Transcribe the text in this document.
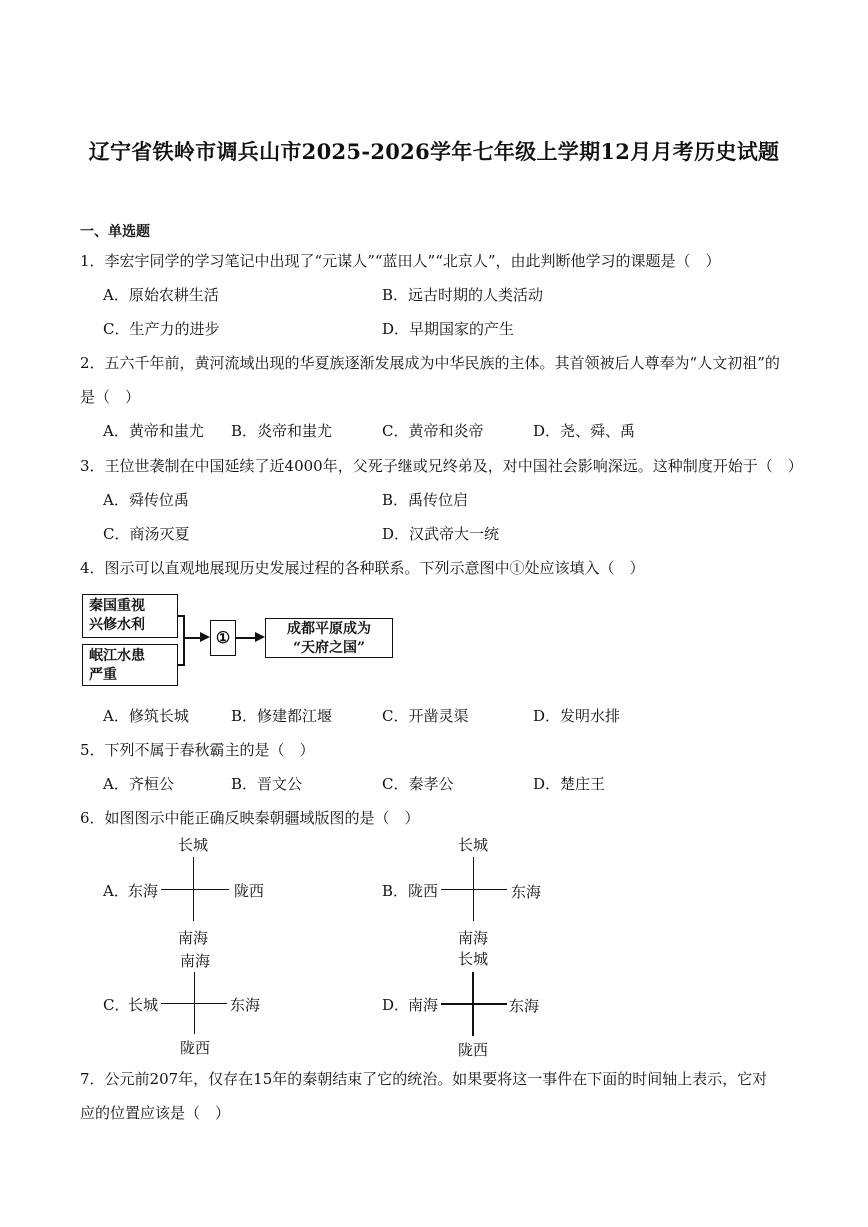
辽宁省铁岭市调兵山市2025-2026学年七年级上学期12月月考历史试题
一、单选题
1．李宏宇同学的学习笔记中出现了“元谋人”“蓝田人”“北京人”，由此判断他学习的课题是（　）
A．原始农耕生活	B．远古时期的人类活动
C．生产力的进步	D．早期国家的产生
2．五六千年前，黄河流域出现的华夏族逐渐发展成为中华民族的主体。其首领被后人尊奉为“人文初祖”的
是（　）
A．黄帝和蚩尤 B．炎帝和蚩尤	C．黄帝和炎帝	D．尧、舜、禹
3．王位世袭制在中国延续了近4000年，父死子继或兄终弟及，对中国社会影响深远。这种制度开始于（　）
A．舜传位禹	B．禹传位启
C．商汤灭夏	D．汉武帝大一统
4．图示可以直观地展现历史发展过程的各种联系。下列示意图中①处应该填入（　）
秦国重视
兴修水利
岷江水患
严重
①	成都平原成为
“天府之国”
A．修筑长城	B．修建都江堰	C．开凿灵渠	D．发明水排
5．下列不属于春秋霸主的是（　）
A．齐桓公	B．晋文公	C．秦孝公	D．楚庄王
6．如图图示中能正确反映秦朝疆域版图的是（　）
A． 东海
长城
陇西
南海
B． 陇西
长城
东海
南海
C．
长城
南海
东海
陇西
D．
南海
长城
东海
陇西
7．公元前207年，仅存在15年的秦朝结束了它的统治。如果要将这一事件在下面的时间轴上表示，它对
应的位置应该是（　）
